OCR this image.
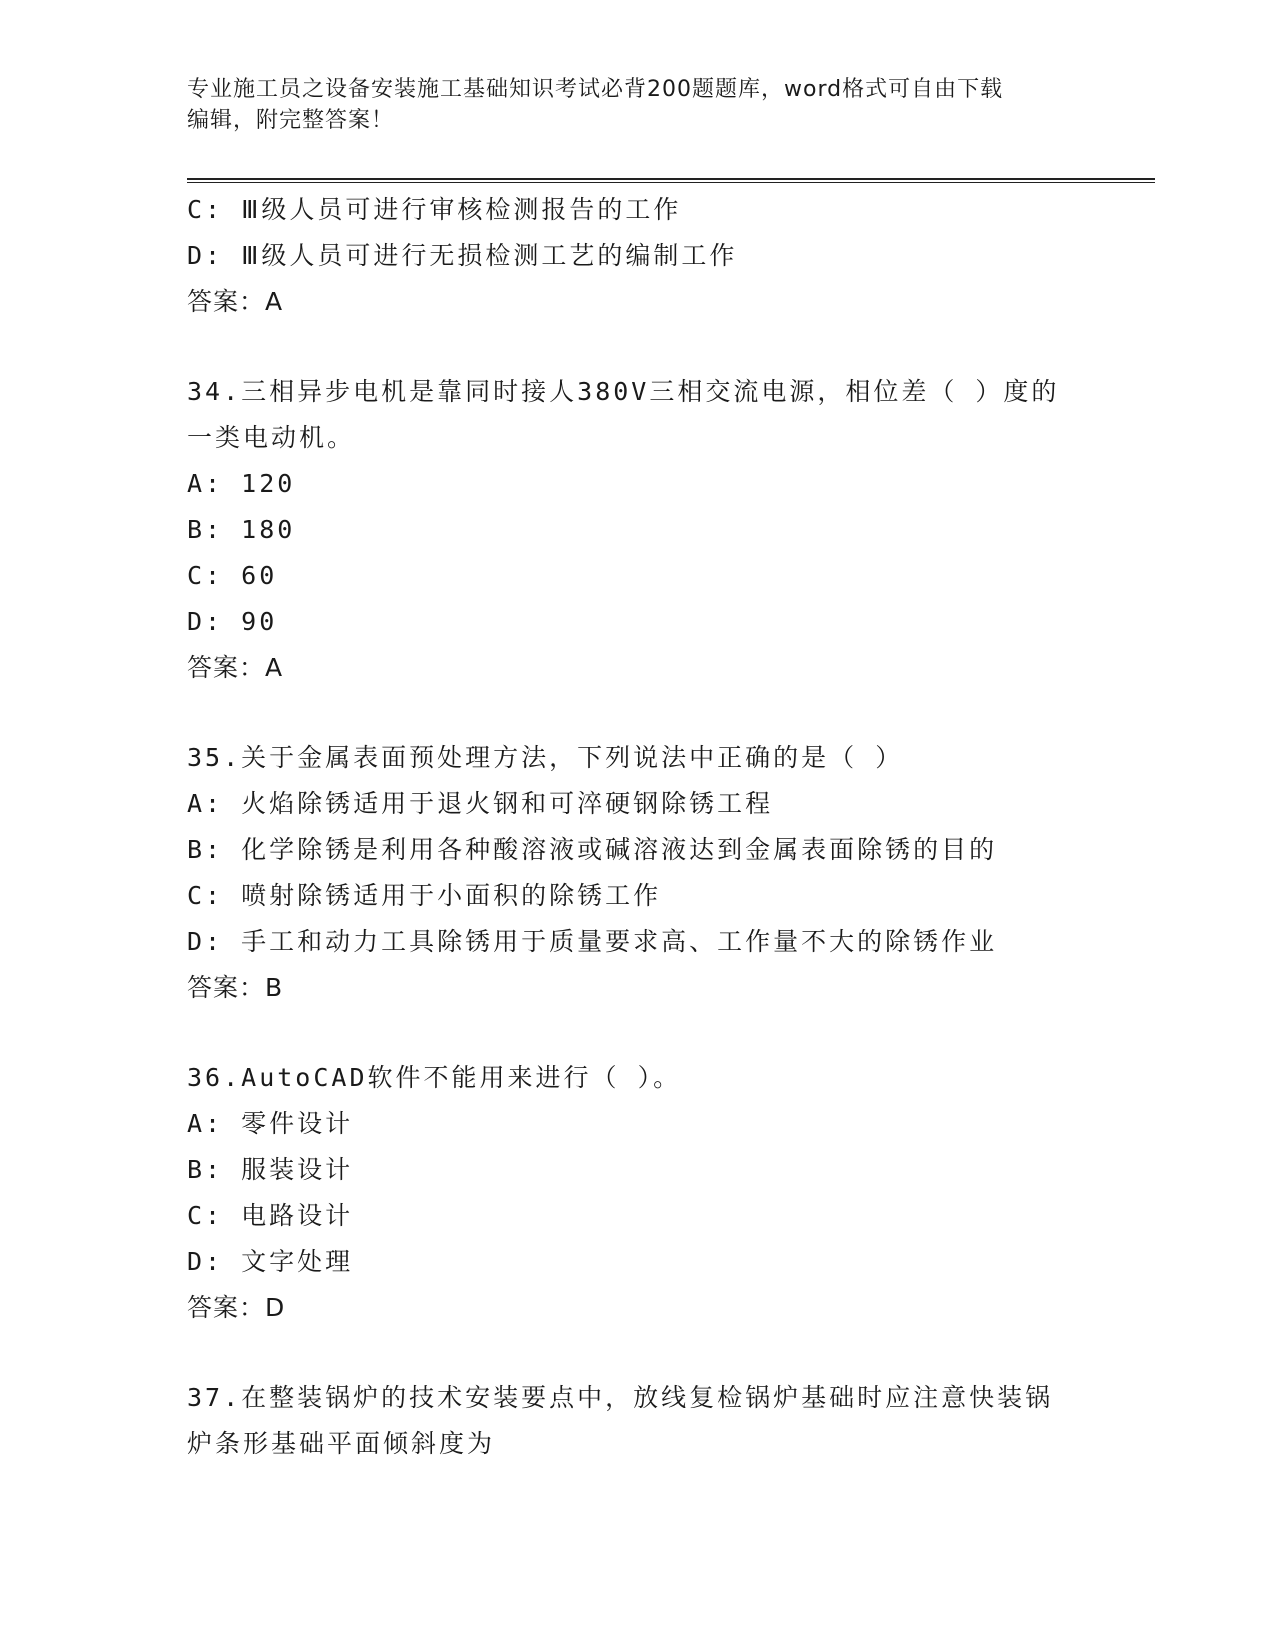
专业施工员之设备安装施工基础知识考试必背200题题库，word格式可自由下载
编辑，附完整答案！
C: Ⅲ级人员可进行审核检测报告的工作
D: Ⅲ级人员可进行无损检测工艺的编制工作
答案：A
34.三相异步电机是靠同时接人380V三相交流电源，相位差（ ）度的
一类电动机。
A: 120
B: 180
C: 60
D: 90
答案：A
35.关于金属表面预处理方法，下列说法中正确的是（ ）
A: 火焰除锈适用于退火钢和可淬硬钢除锈工程
B: 化学除锈是利用各种酸溶液或碱溶液达到金属表面除锈的目的
C: 喷射除锈适用于小面积的除锈工作
D: 手工和动力工具除锈用于质量要求高、工作量不大的除锈作业
答案：B
36.AutoCAD软件不能用来进行（ ）。
A: 零件设计
B: 服装设计
C: 电路设计
D: 文字处理
答案：D
37.在整装锅炉的技术安装要点中，放线复检锅炉基础时应注意快装锅
炉条形基础平面倾斜度为
